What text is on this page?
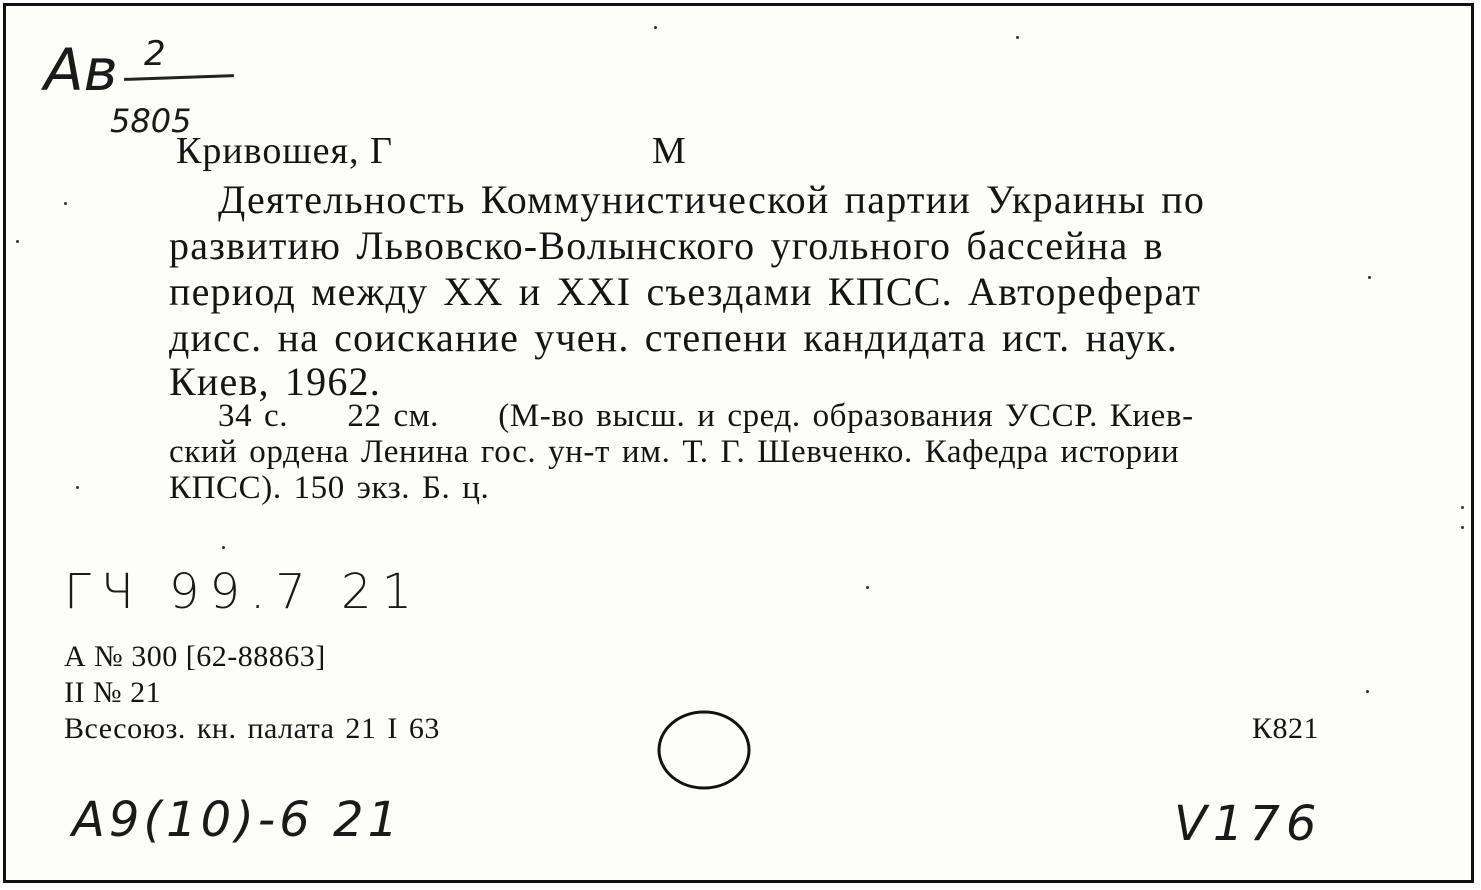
Ав 2
5805
Кривошея, Г	М
Деятельность Коммунистической партии Украины по
развитию Львовско-Волынского угольного бассейна в
период между XX и XXI съездами КПСС. Автореферат
дисс. на соискание учен. степени кандидата ист. наук.
Киев, 1962.
34 с.     22 см.     (М-во высш. и сред. образования УССР. Киев-
ский ордена Ленина гос. ун-т им. Т. Г. Шевченко. Кафедра истории
КПСС). 150 экз. Б. ц.
ГЧ 99.7 21
А № 300 [62-88863]
II № 21
Всесоюз. кн. палата 21 I 63	К821
А9(10)-6 21	V176
